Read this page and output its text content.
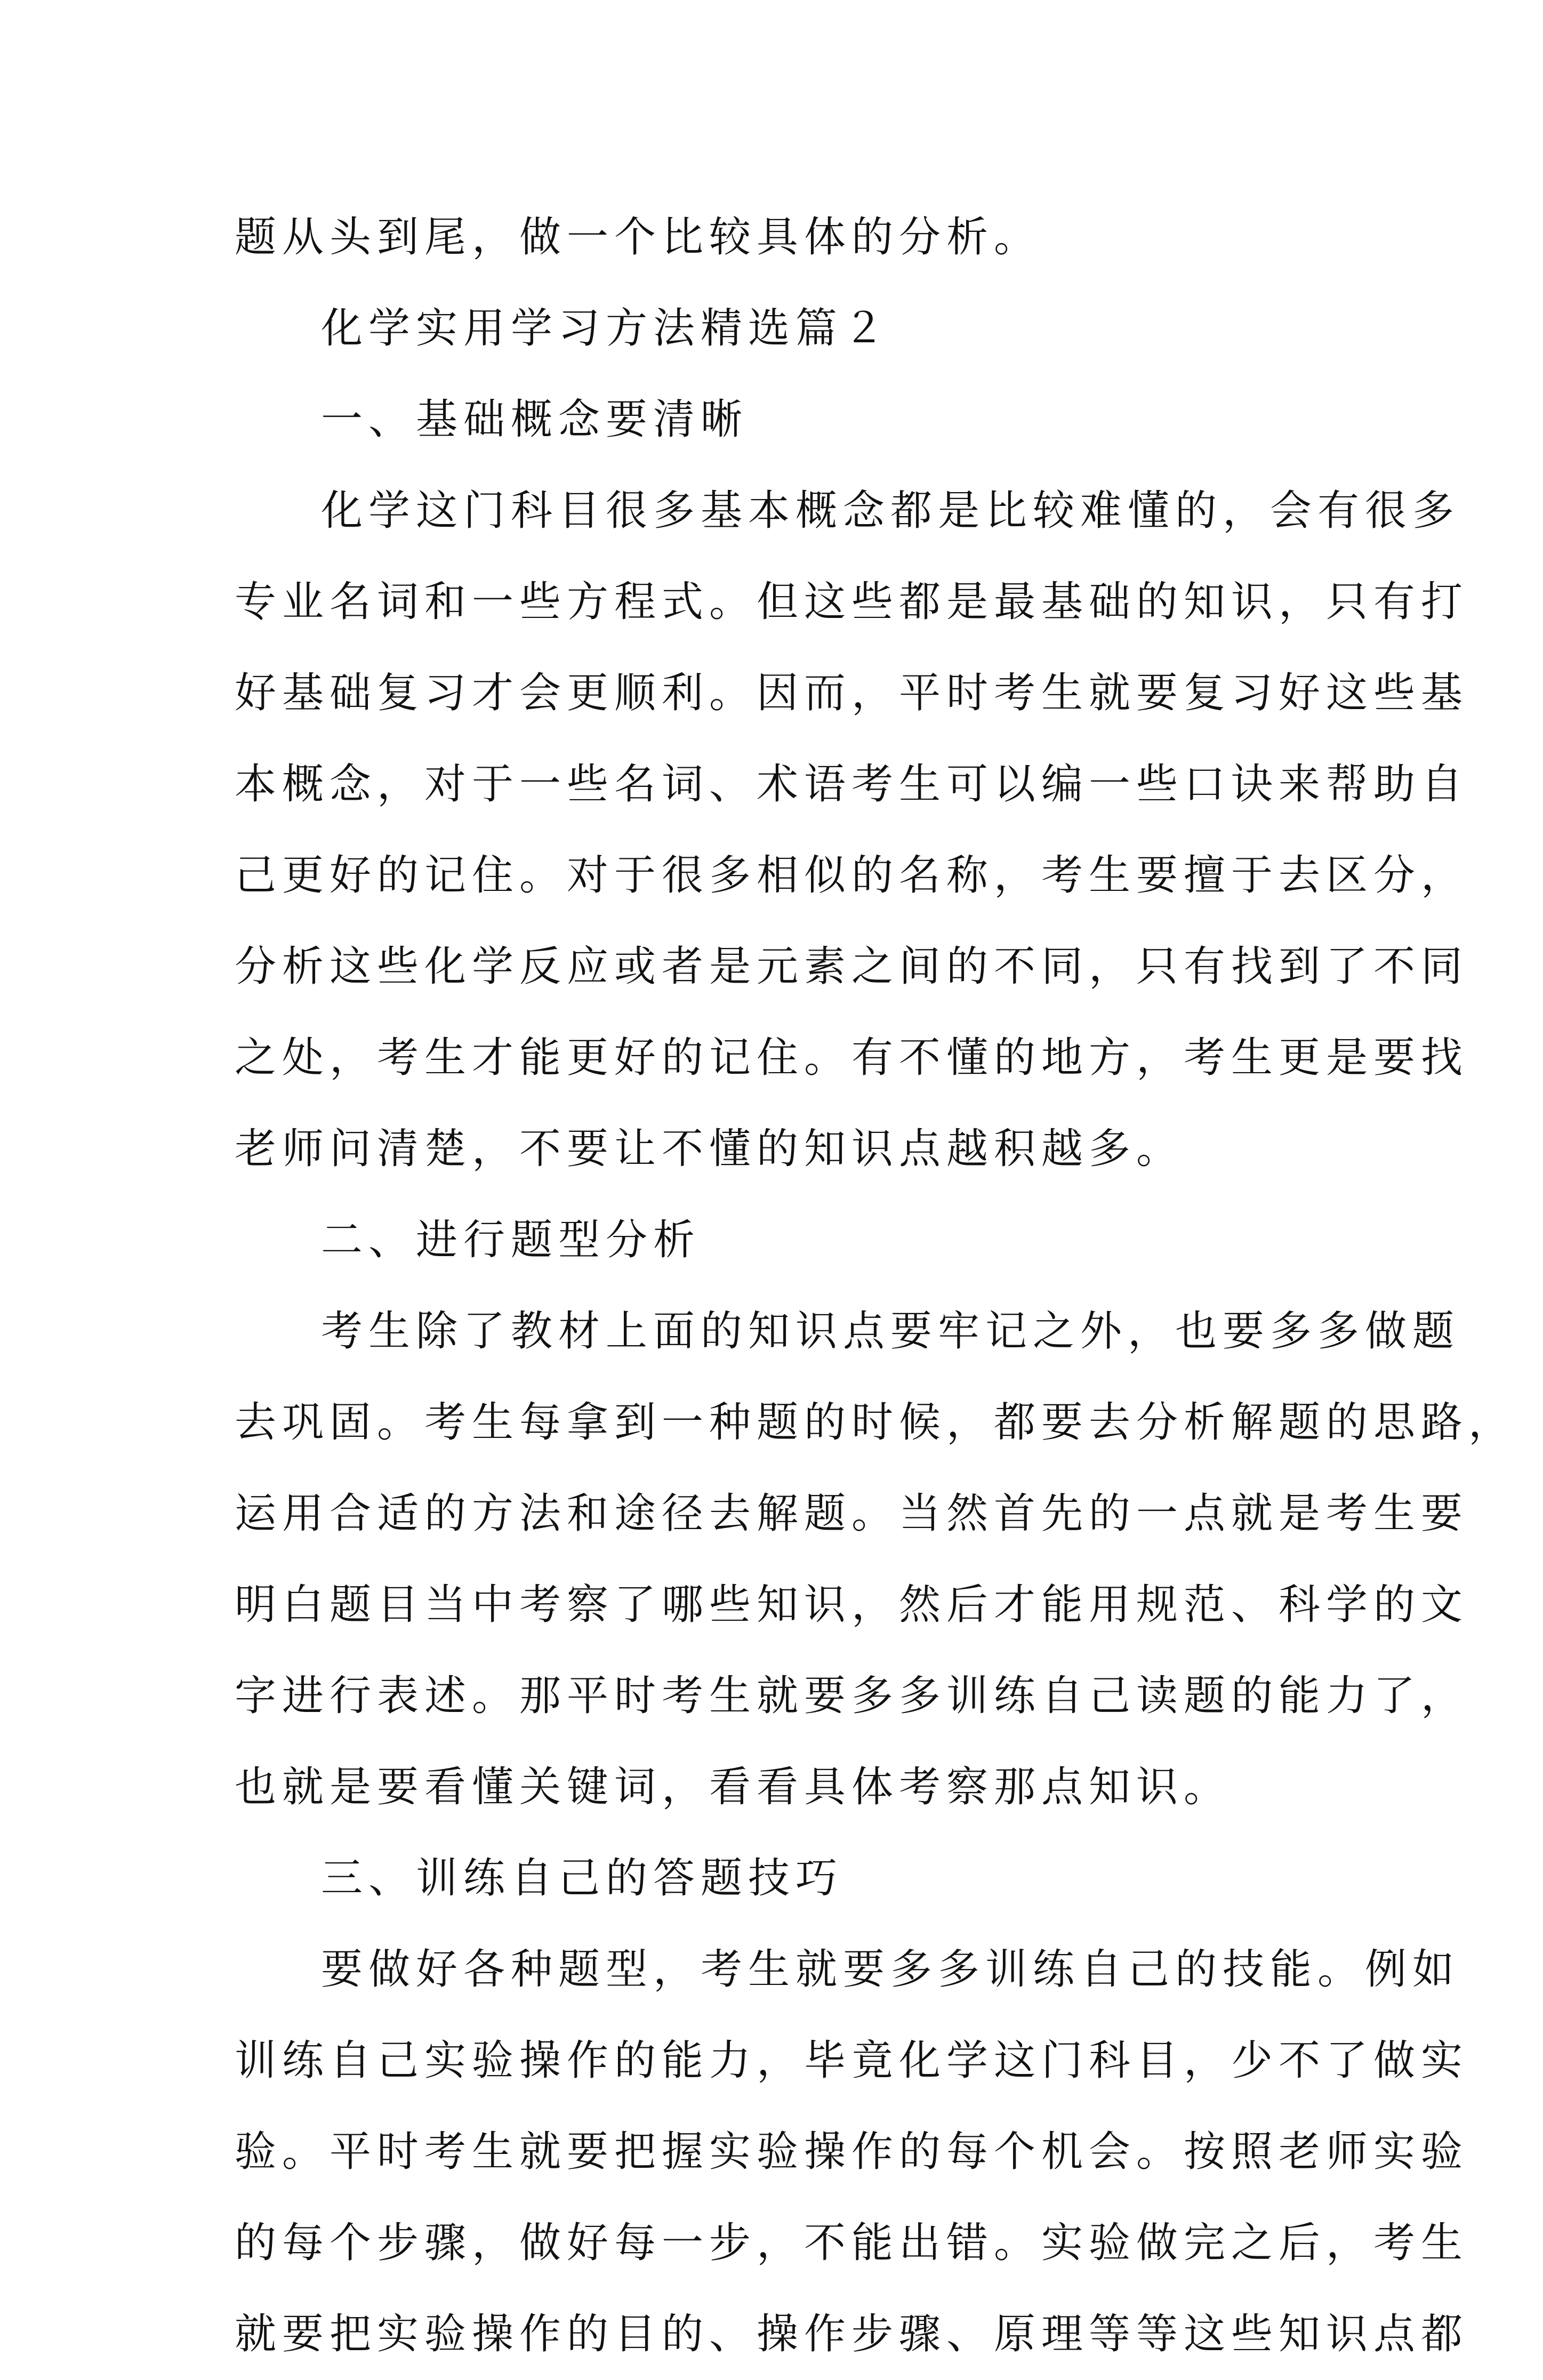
题从头到尾，做一个比较具体的分析。
化学实用学习方法精选篇２
一、基础概念要清晰
化学这门科目很多基本概念都是比较难懂的，会有很多
专业名词和一些方程式。但这些都是最基础的知识，只有打
好基础复习才会更顺利。因而，平时考生就要复习好这些基
本概念，对于一些名词、术语考生可以编一些口诀来帮助自
己更好的记住。对于很多相似的名称，考生要擅于去区分，
分析这些化学反应或者是元素之间的不同，只有找到了不同
之处，考生才能更好的记住。有不懂的地方，考生更是要找
老师问清楚，不要让不懂的知识点越积越多。
二、进行题型分析
考生除了教材上面的知识点要牢记之外，也要多多做题
去巩固。考生每拿到一种题的时候，都要去分析解题的思路，
运用合适的方法和途径去解题。当然首先的一点就是考生要
明白题目当中考察了哪些知识，然后才能用规范、科学的文
字进行表述。那平时考生就要多多训练自己读题的能力了，
也就是要看懂关键词，看看具体考察那点知识。
三、训练自己的答题技巧
要做好各种题型，考生就要多多训练自己的技能。例如
训练自己实验操作的能力，毕竟化学这门科目，少不了做实
验。平时考生就要把握实验操作的每个机会。按照老师实验
的每个步骤，做好每一步，不能出错。实验做完之后，考生
就要把实验操作的目的、操作步骤、原理等等这些知识点都
